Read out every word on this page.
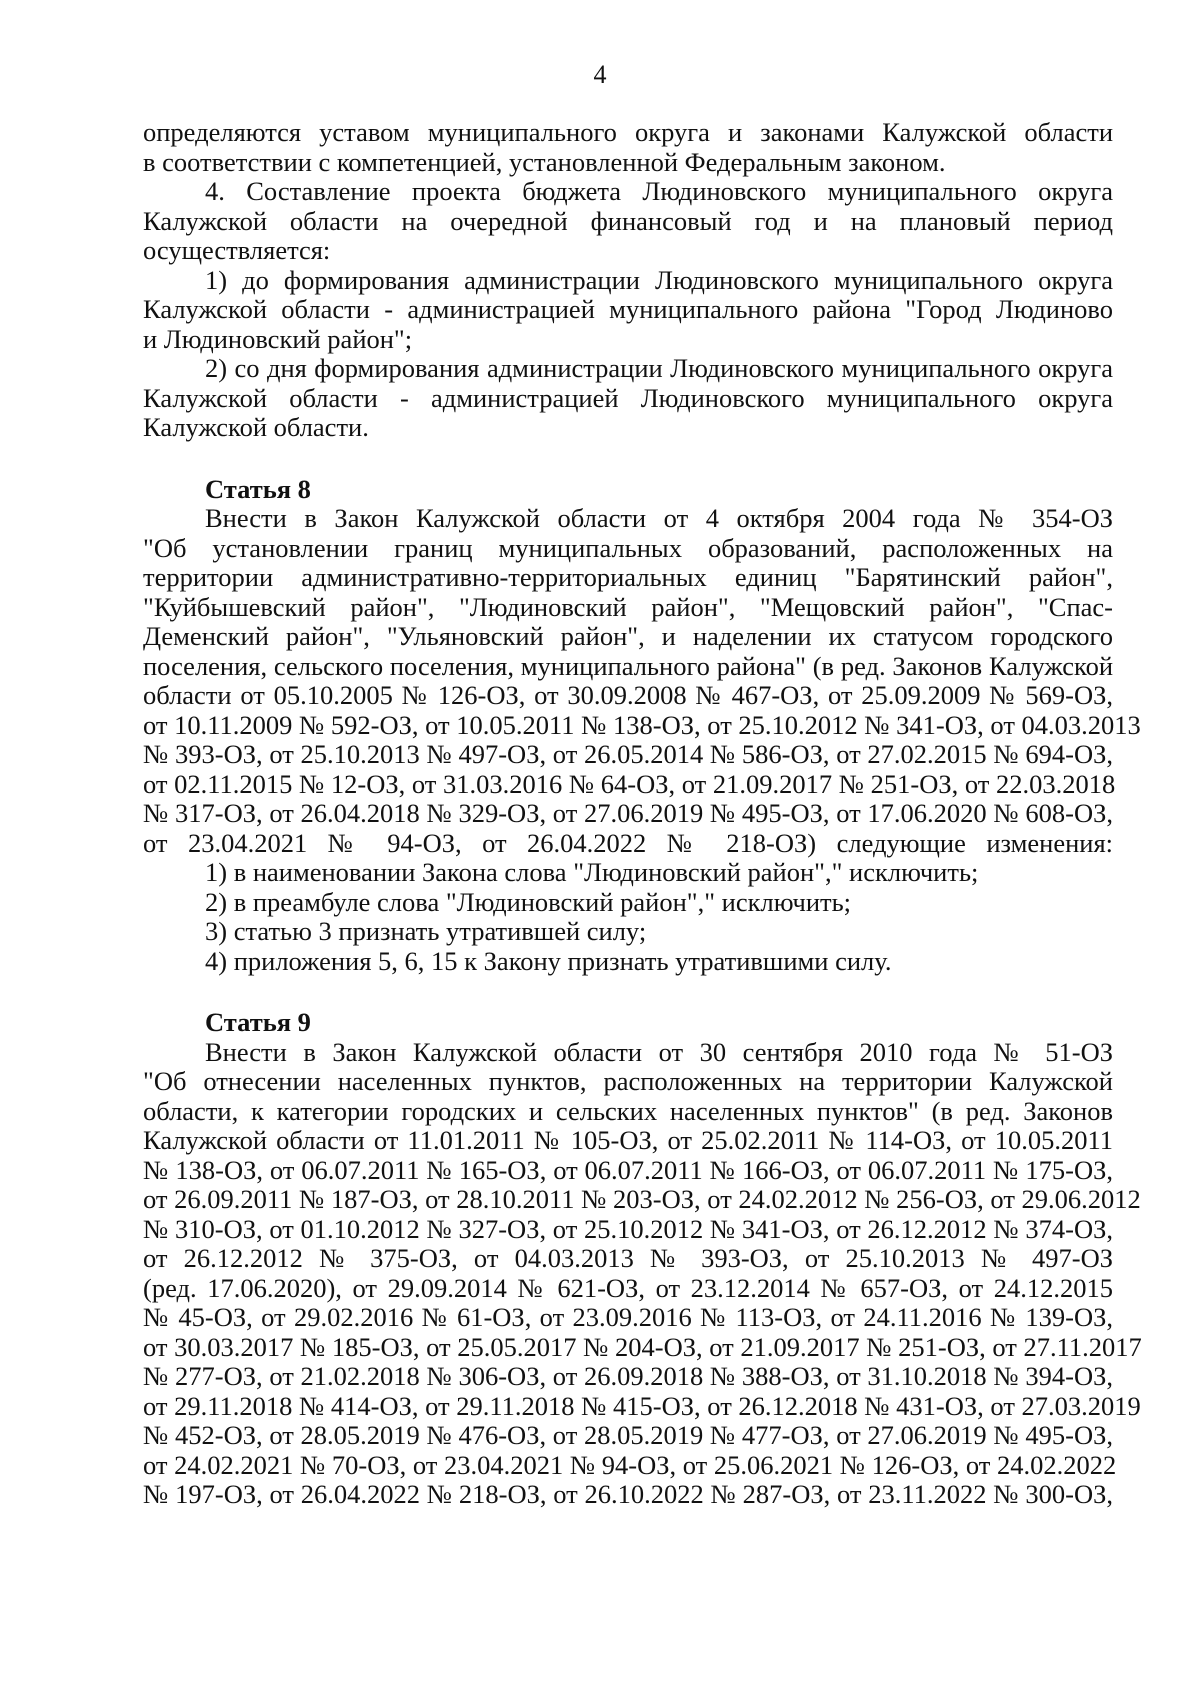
4
определяются уставом муниципального округа и законами Калужской области
в соответствии с компетенцией, установленной Федеральным законом.
4. Составление проекта бюджета Людиновского муниципального округа
Калужской области на очередной финансовый год и на плановый период
осуществляется:
1) до формирования администрации Людиновского муниципального округа
Калужской области - администрацией муниципального района "Город Людиново
и Людиновский район";
2) со дня формирования администрации Людиновского муниципального округа
Калужской области - администрацией Людиновского муниципального округа
Калужской области.
Статья 8
Внести в Закон Калужской области от 4 октября 2004 года № 354-ОЗ
"Об установлении границ муниципальных образований, расположенных на
территории административно-территориальных единиц "Барятинский район",
"Куйбышевский район", "Людиновский район", "Мещовский район", "Спас-
Деменский район", "Ульяновский район", и наделении их статусом городского
поселения, сельского поселения, муниципального района" (в ред. Законов Калужской
области от 05.10.2005 № 126-ОЗ, от 30.09.2008 № 467-ОЗ, от 25.09.2009 № 569-ОЗ,
от 10.11.2009 № 592-ОЗ, от 10.05.2011 № 138-ОЗ, от 25.10.2012 № 341-ОЗ, от 04.03.2013
№ 393-ОЗ, от 25.10.2013 № 497-ОЗ, от 26.05.2014 № 586-ОЗ, от 27.02.2015 № 694-ОЗ,
от 02.11.2015 № 12-ОЗ, от 31.03.2016 № 64-ОЗ, от 21.09.2017 № 251-ОЗ, от 22.03.2018
№ 317-ОЗ, от 26.04.2018 № 329-ОЗ, от 27.06.2019 № 495-ОЗ, от 17.06.2020 № 608-ОЗ,
от 23.04.2021 № 94-ОЗ, от 26.04.2022 № 218-ОЗ) следующие изменения:
1) в наименовании Закона слова "Людиновский район"," исключить;
2) в преамбуле слова "Людиновский район"," исключить;
3) статью 3 признать утратившей силу;
4) приложения 5, 6, 15 к Закону признать утратившими силу.
Статья 9
Внести в Закон Калужской области от 30 сентября 2010 года № 51-ОЗ
"Об отнесении населенных пунктов, расположенных на территории Калужской
области, к категории городских и сельских населенных пунктов" (в ред. Законов
Калужской области от 11.01.2011 № 105-ОЗ, от 25.02.2011 № 114-ОЗ, от 10.05.2011
№ 138-ОЗ, от 06.07.2011 № 165-ОЗ, от 06.07.2011 № 166-ОЗ, от 06.07.2011 № 175-ОЗ,
от 26.09.2011 № 187-ОЗ, от 28.10.2011 № 203-ОЗ, от 24.02.2012 № 256-ОЗ, от 29.06.2012
№ 310-ОЗ, от 01.10.2012 № 327-ОЗ, от 25.10.2012 № 341-ОЗ, от 26.12.2012 № 374-ОЗ,
от 26.12.2012 № 375-ОЗ, от 04.03.2013 № 393-ОЗ, от 25.10.2013 № 497-ОЗ
(ред. 17.06.2020), от 29.09.2014 № 621-ОЗ, от 23.12.2014 № 657-ОЗ, от 24.12.2015
№ 45-ОЗ, от 29.02.2016 № 61-ОЗ, от 23.09.2016 № 113-ОЗ, от 24.11.2016 № 139-ОЗ,
от 30.03.2017 № 185-ОЗ, от 25.05.2017 № 204-ОЗ, от 21.09.2017 № 251-ОЗ, от 27.11.2017
№ 277-ОЗ, от 21.02.2018 № 306-ОЗ, от 26.09.2018 № 388-ОЗ, от 31.10.2018 № 394-ОЗ,
от 29.11.2018 № 414-ОЗ, от 29.11.2018 № 415-ОЗ, от 26.12.2018 № 431-ОЗ, от 27.03.2019
№ 452-ОЗ, от 28.05.2019 № 476-ОЗ, от 28.05.2019 № 477-ОЗ, от 27.06.2019 № 495-ОЗ,
от 24.02.2021 № 70-ОЗ, от 23.04.2021 № 94-ОЗ, от 25.06.2021 № 126-ОЗ, от 24.02.2022
№ 197-ОЗ, от 26.04.2022 № 218-ОЗ, от 26.10.2022 № 287-ОЗ, от 23.11.2022 № 300-ОЗ,
